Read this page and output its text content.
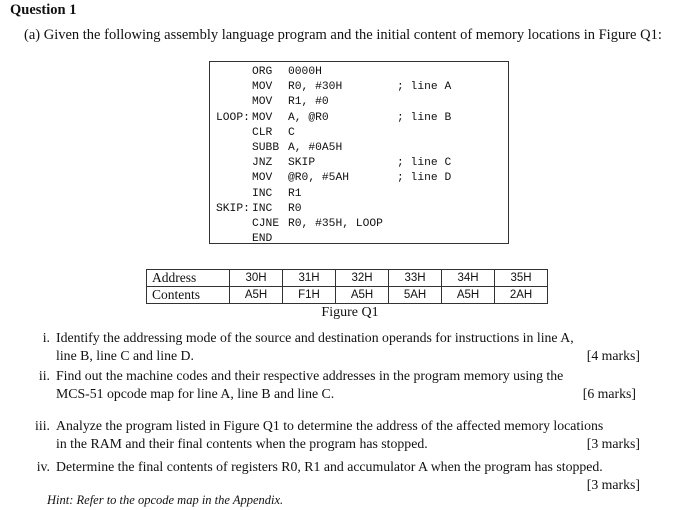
Question 1
(a) Given the following assembly language program and the initial content of memory locations in Figure Q1:
ORG 0000H
MOV R0, #30H	; line A
MOV R1, #0
LOOP: MOV A, @R0	; line B
CLR C
SUBB A, #0A5H
JNZ SKIP	; line C
MOV @R0, #5AH	; line D
INC R1
SKIP: INC R0
CJNE R0, #35H, LOOP
END
Address	30H	31H	32H	33H	34H	35H
Contents	A5H	F1H	A5H	5AH	A5H	2AH
Figure Q1
i. Identify the addressing mode of the source and destination operands for instructions in line A,
line B, line C and line D.	[4 marks]
ii. Find out the machine codes and their respective addresses in the program memory using the
MCS-51 opcode map for line A, line B and line C.	[6 marks]
iii. Analyze the program listed in Figure Q1 to determine the address of the affected memory locations
in the RAM and their final contents when the program has stopped.	[3 marks]
iv. Determine the final contents of registers R0, R1 and accumulator A when the program has stopped.
[3 marks]
Hint: Refer to the opcode map in the Appendix.
